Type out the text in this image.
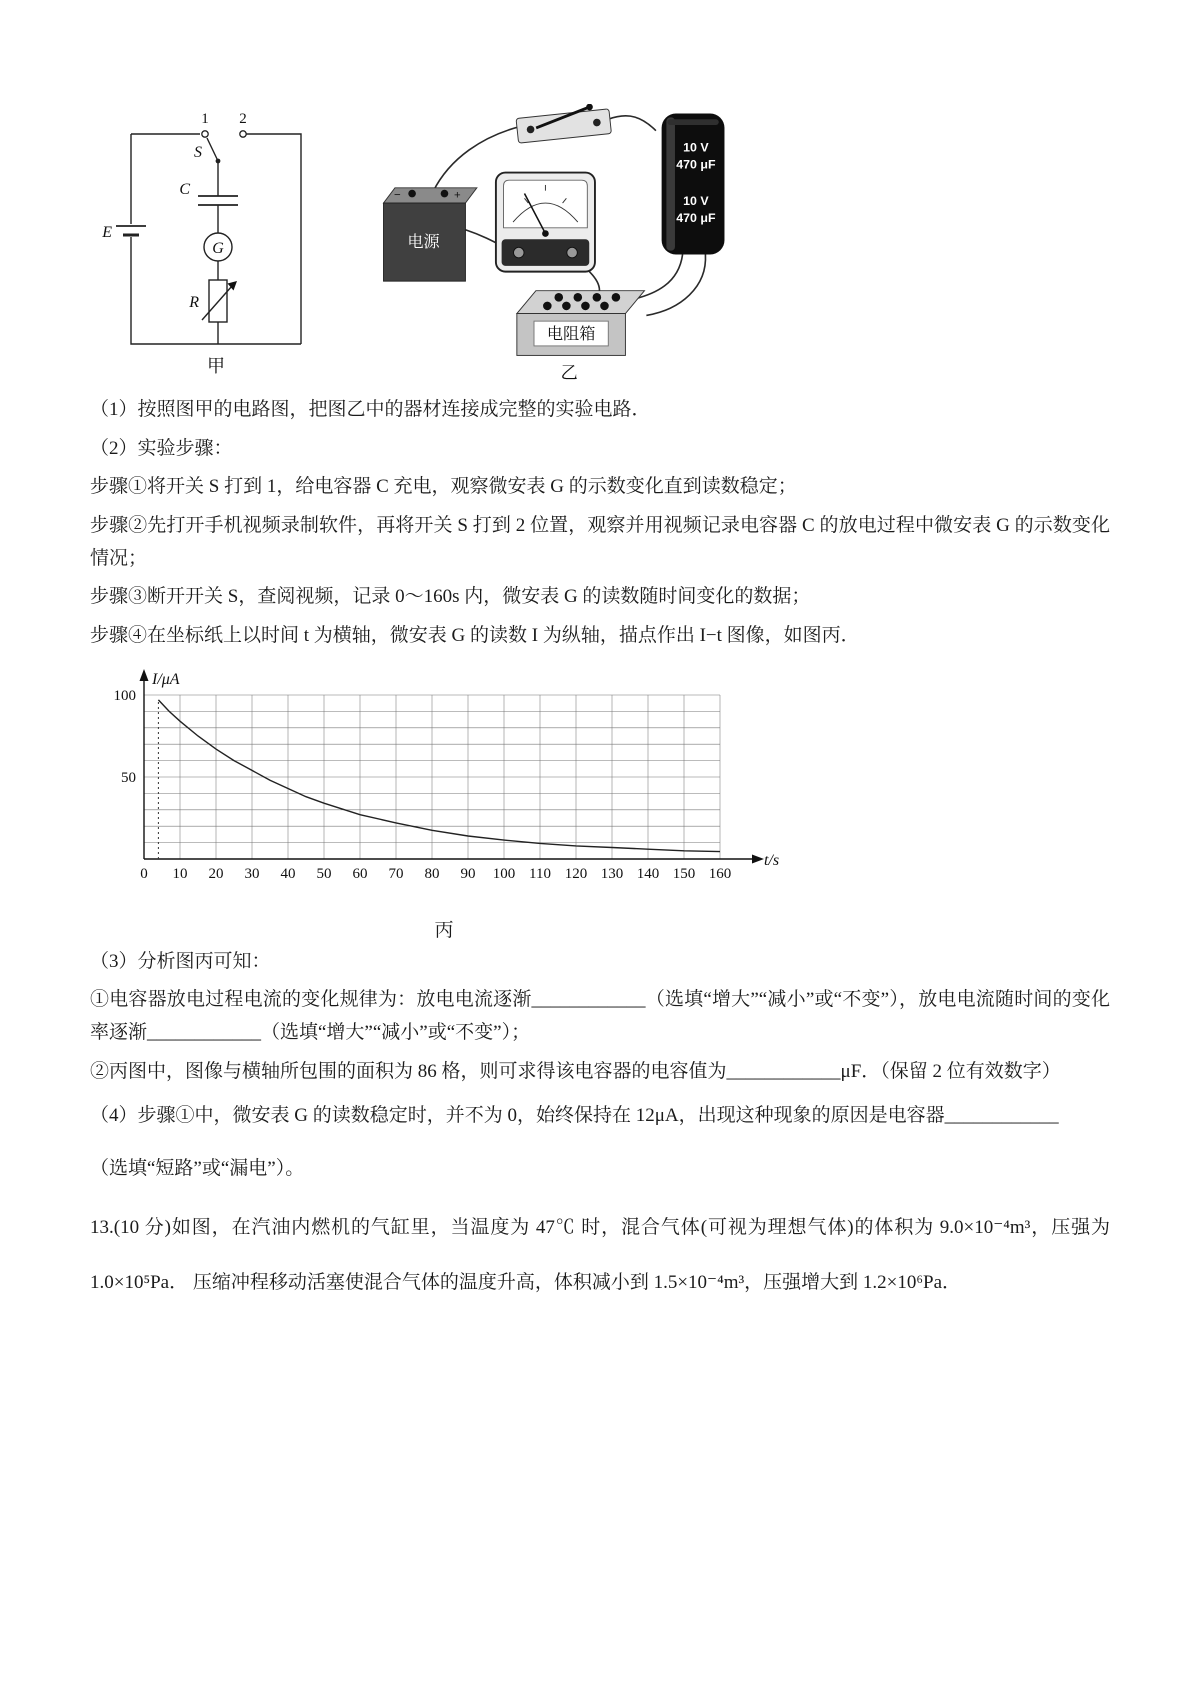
E
1 2
S
C
G
R
甲
−	+
电源
10 V
470 μF
10 V
470 μF
电阻箱
乙

（1）按照图甲的电路图，把图乙中的器材连接成完整的实验电路．

（2）实验步骤：

步骤①将开关 S 打到 1，给电容器 C 充电，观察微安表 G 的示数变化直到读数稳定；

步骤②先打开手机视频录制软件，再将开关 S 打到 2 位置，观察并用视频记录电容器 C 的放电过程中微安表 G 的示数变化情况；

步骤③断开开关 S，查阅视频，记录 0～160s 内，微安表 G 的读数随时间变化的数据；

步骤④在坐标纸上以时间 t 为横轴，微安表 G 的读数 I 为纵轴，描点作出 I−t 图像，如图丙．

0 10 20 30 40 50 60 70 80 90 100 110 120 130 140 150 160
50
100
I/μA
t/s
丙

（3）分析图丙可知：

①电容器放电过程电流的变化规律为：放电电流逐渐____________（选填“增大”“减小”或“不变”），放电电流随时间的变化率逐渐____________（选填“增大”“减小”或“不变”）；

②丙图中，图像与横轴所包围的面积为 86 格，则可求得该电容器的电容值为____________μF．（保留 2 位有效数字）

（4）步骤①中，微安表 G 的读数稳定时，并不为 0，始终保持在 12μA，出现这种现象的原因是电容器____________

（选填“短路”或“漏电”）。

13.(10 分)如图，在汽油内燃机的气缸里，当温度为 47℃ 时，混合气体(可视为理想气体)的体积为 9.0×10⁻⁴m³，压强为 1.0×10⁵Pa． 压缩冲程移动活塞使混合气体的温度升高，体积减小到 1.5×10⁻⁴m³，压强增大到 1.2×10⁶Pa．
